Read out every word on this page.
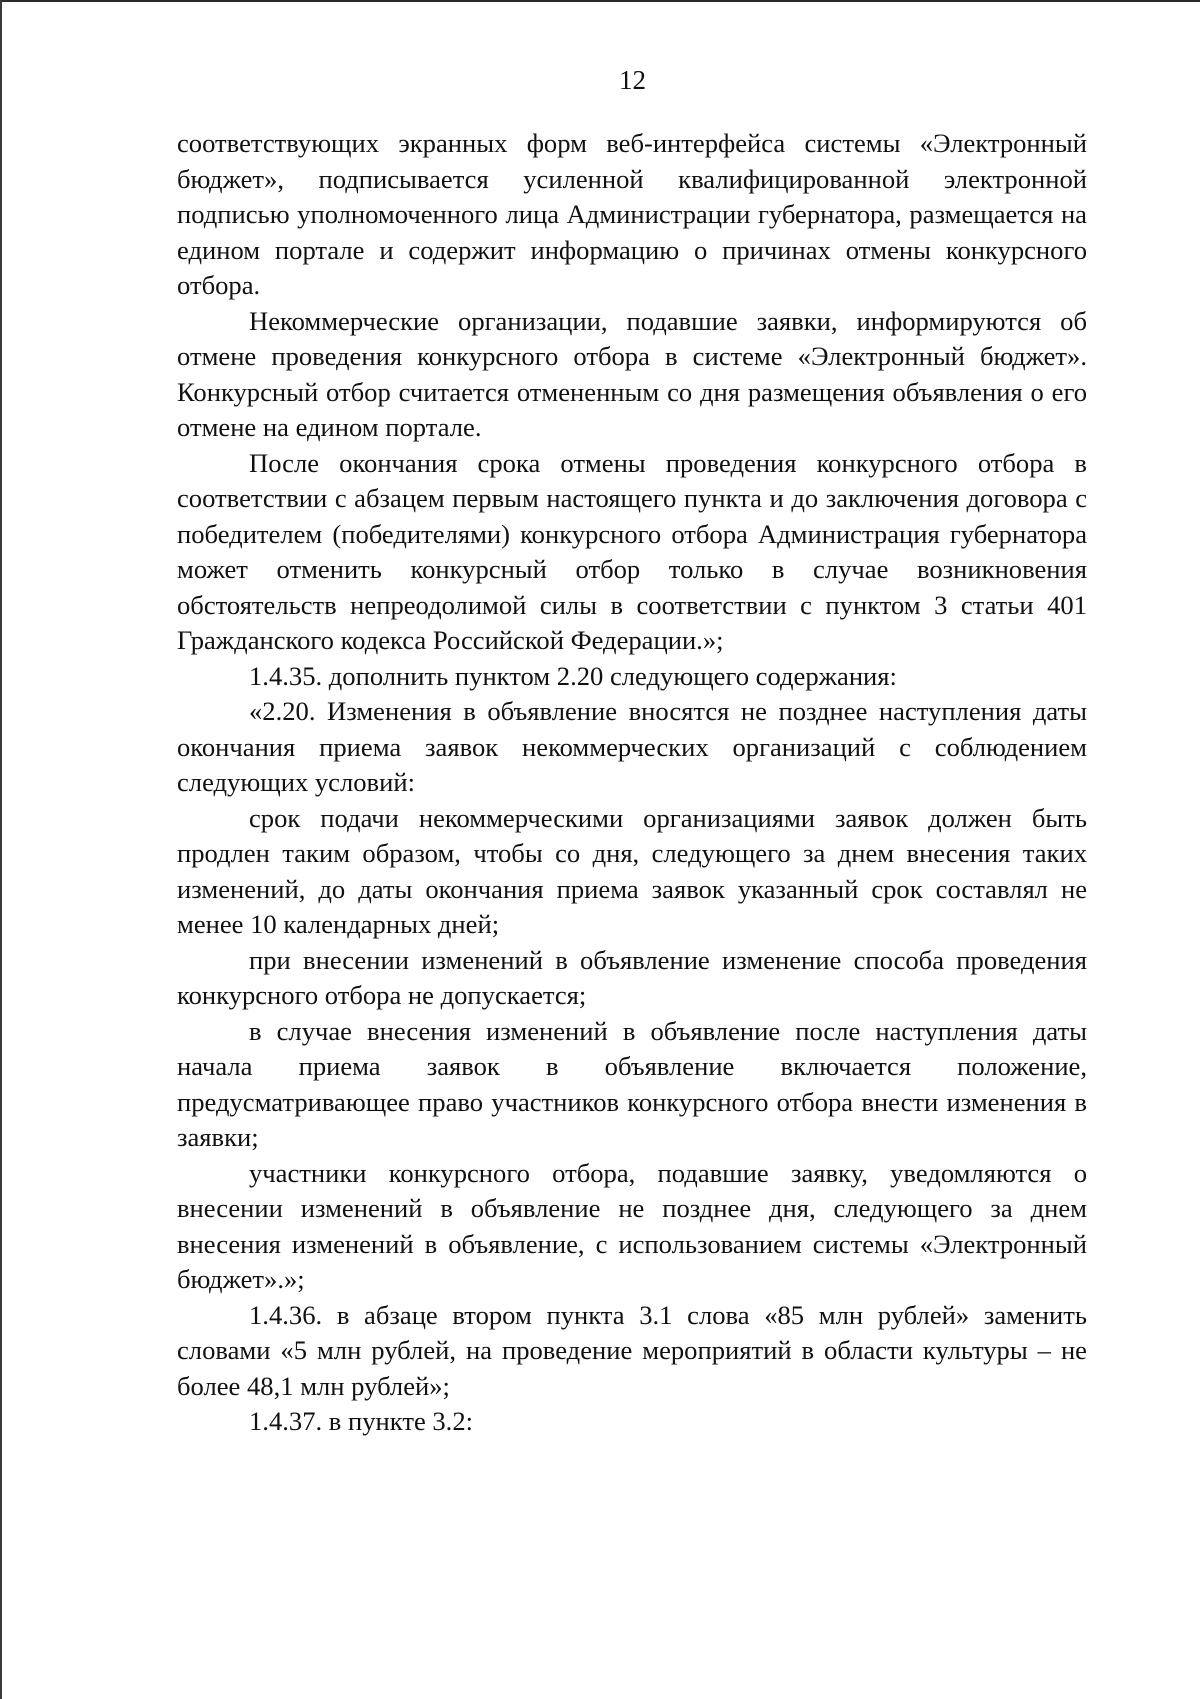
12

соответствующих экранных форм веб-интерфейса системы «Электронный бюджет», подписывается усиленной квалифицированной электронной подписью уполномоченного лица Администрации губернатора, размещается на едином портале и содержит информацию о причинах отмены конкурсного отбора.

Некоммерческие организации, подавшие заявки, информируются об отмене проведения конкурсного отбора в системе «Электронный бюджет». Конкурсный отбор считается отмененным со дня размещения объявления о его отмене на едином портале.

После окончания срока отмены проведения конкурсного отбора в соответствии с абзацем первым настоящего пункта и до заключения договора с победителем (победителями) конкурсного отбора Администрация губернатора может отменить конкурсный отбор только в случае возникновения обстоятельств непреодолимой силы в соответствии с пунктом 3 статьи 401 Гражданского кодекса Российской Федерации.»;

1.4.35. дополнить пунктом 2.20 следующего содержания:

«2.20. Изменения в объявление вносятся не позднее наступления даты окончания приема заявок некоммерческих организаций с соблюдением следующих условий:

срок подачи некоммерческими организациями заявок должен быть продлен таким образом, чтобы со дня, следующего за днем внесения таких изменений, до даты окончания приема заявок указанный срок составлял не менее 10 календарных дней;

при внесении изменений в объявление изменение способа проведения конкурсного отбора не допускается;

в случае внесения изменений в объявление после наступления даты начала приема заявок в объявление включается положение, предусматривающее право участников конкурсного отбора внести изменения в заявки;

участники конкурсного отбора, подавшие заявку, уведомляются о внесении изменений в объявление не позднее дня, следующего за днем внесения изменений в объявление, с использованием системы «Электронный бюджет».»;

1.4.36. в абзаце втором пункта 3.1 слова «85 млн рублей» заменить словами «5 млн рублей, на проведение мероприятий в области культуры – не более 48,1 млн рублей»;

1.4.37. в пункте 3.2:
